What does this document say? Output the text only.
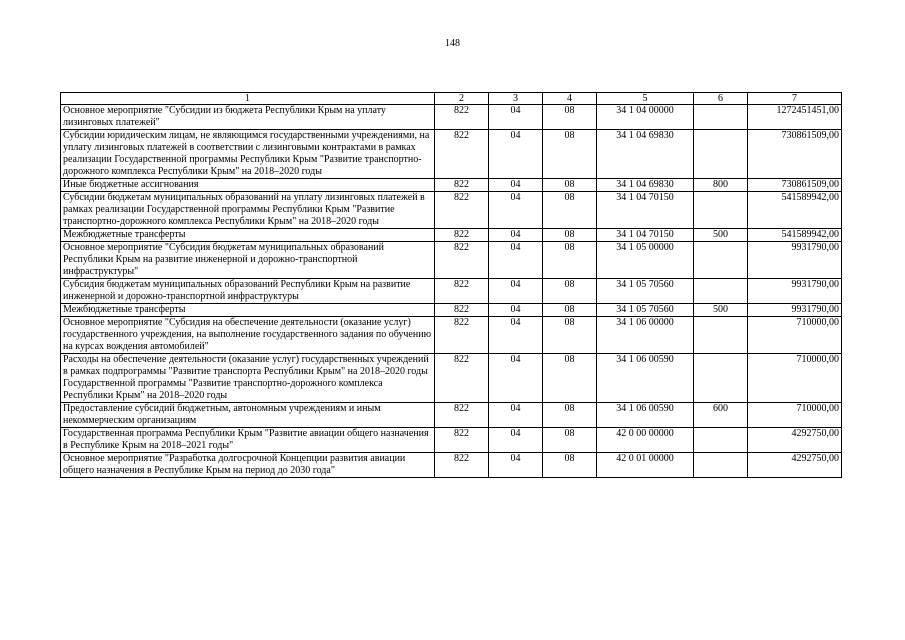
148
1	2	3	4	5	6	7
Основное мероприятие "Субсидии из бюджета Республики Крым на уплату лизинговых платежей"	822	04	08	34 1 04 00000		1272451451,00
Субсидии юридическим лицам, не являющимся государственными учреждениями, на уплату лизинговых платежей в соответствии с лизинговыми контрактами в рамках реализации Государственной программы Республики Крым "Развитие транспортно-дорожного комплекса Республики Крым" на 2018–2020 годы	822	04	08	34 1 04 69830		730861509,00
Иные бюджетные ассигнования	822	04	08	34 1 04 69830	800	730861509,00
Субсидии бюджетам муниципальных образований на уплату лизинговых платежей в рамках реализации Государственной программы Республики Крым "Развитие транспортно-дорожного комплекса Республики Крым" на 2018–2020 годы	822	04	08	34 1 04 70150		541589942,00
Межбюджетные трансферты	822	04	08	34 1 04 70150	500	541589942,00
Основное мероприятие "Субсидия бюджетам муниципальных образований Республики Крым на развитие инженерной и дорожно-транспортной инфраструктуры"	822	04	08	34 1 05 00000		9931790,00
Субсидия бюджетам муниципальных образований Республики Крым на развитие инженерной и дорожно-транспортной инфраструктуры	822	04	08	34 1 05 70560		9931790,00
Межбюджетные трансферты	822	04	08	34 1 05 70560	500	9931790,00
Основное мероприятие "Субсидия на обеспечение деятельности (оказание услуг) государственного учреждения, на выполнение государственного задания по обучению на курсах вождения автомобилей"	822	04	08	34 1 06 00000		710000,00
Расходы на обеспечение деятельности (оказание услуг) государственных учреждений в рамках подпрограммы "Развитие транспорта Республики Крым" на 2018–2020 годы Государственной программы "Развитие транспортно-дорожного комплекса Республики Крым" на 2018–2020 годы	822	04	08	34 1 06 00590		710000,00
Предоставление субсидий бюджетным, автономным учреждениям и иным некоммерческим организациям	822	04	08	34 1 06 00590	600	710000,00
Государственная программа Республики Крым "Развитие авиации общего назначения в Республике Крым на 2018–2021 годы"	822	04	08	42 0 00 00000		4292750,00
Основное мероприятие "Разработка долгосрочной Концепции развития авиации общего назначения в Республике Крым на период до 2030 года"	822	04	08	42 0 01 00000		4292750,00
